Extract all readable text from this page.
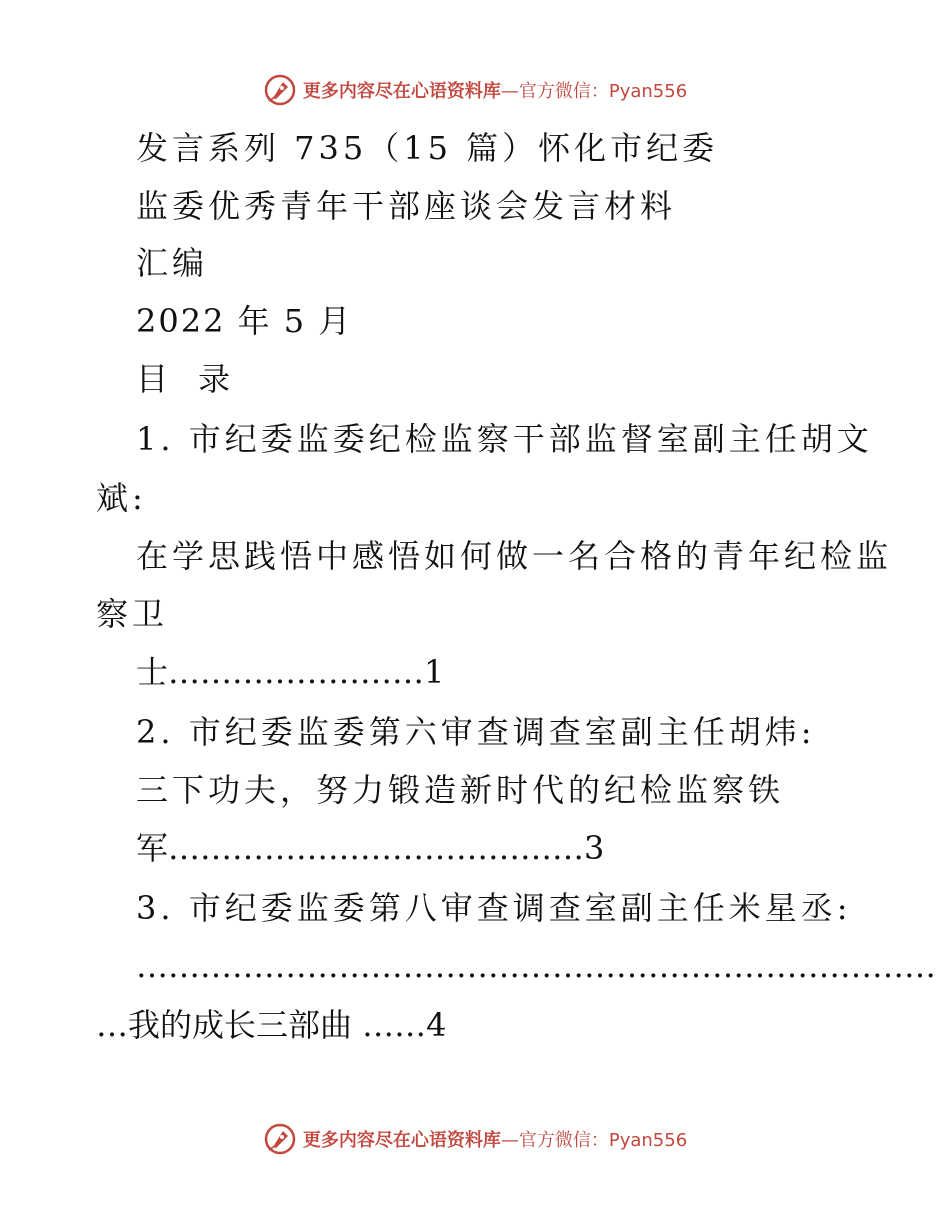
更多内容尽在心语资料库—官方微信：Pyan556
发言系列 735（15 篇）怀化市纪委
监委优秀青年干部座谈会发言材料
汇编
2022 年 5 月
目 录
1. 市纪委监委纪检监察干部监督室副主任胡文
斌:
在学思践悟中感悟如何做一名合格的青年纪检监
察卫
士……………………1
2. 市纪委监委第六审查调查室副主任胡炜:
三下功夫，努力锻造新时代的纪检监察铁
军…………………………………3
3. 市纪委监委第八审查调查室副主任米星丞:
…………………………………………………………………
…我的成长三部曲 ……4
更多内容尽在心语资料库—官方微信：Pyan556
